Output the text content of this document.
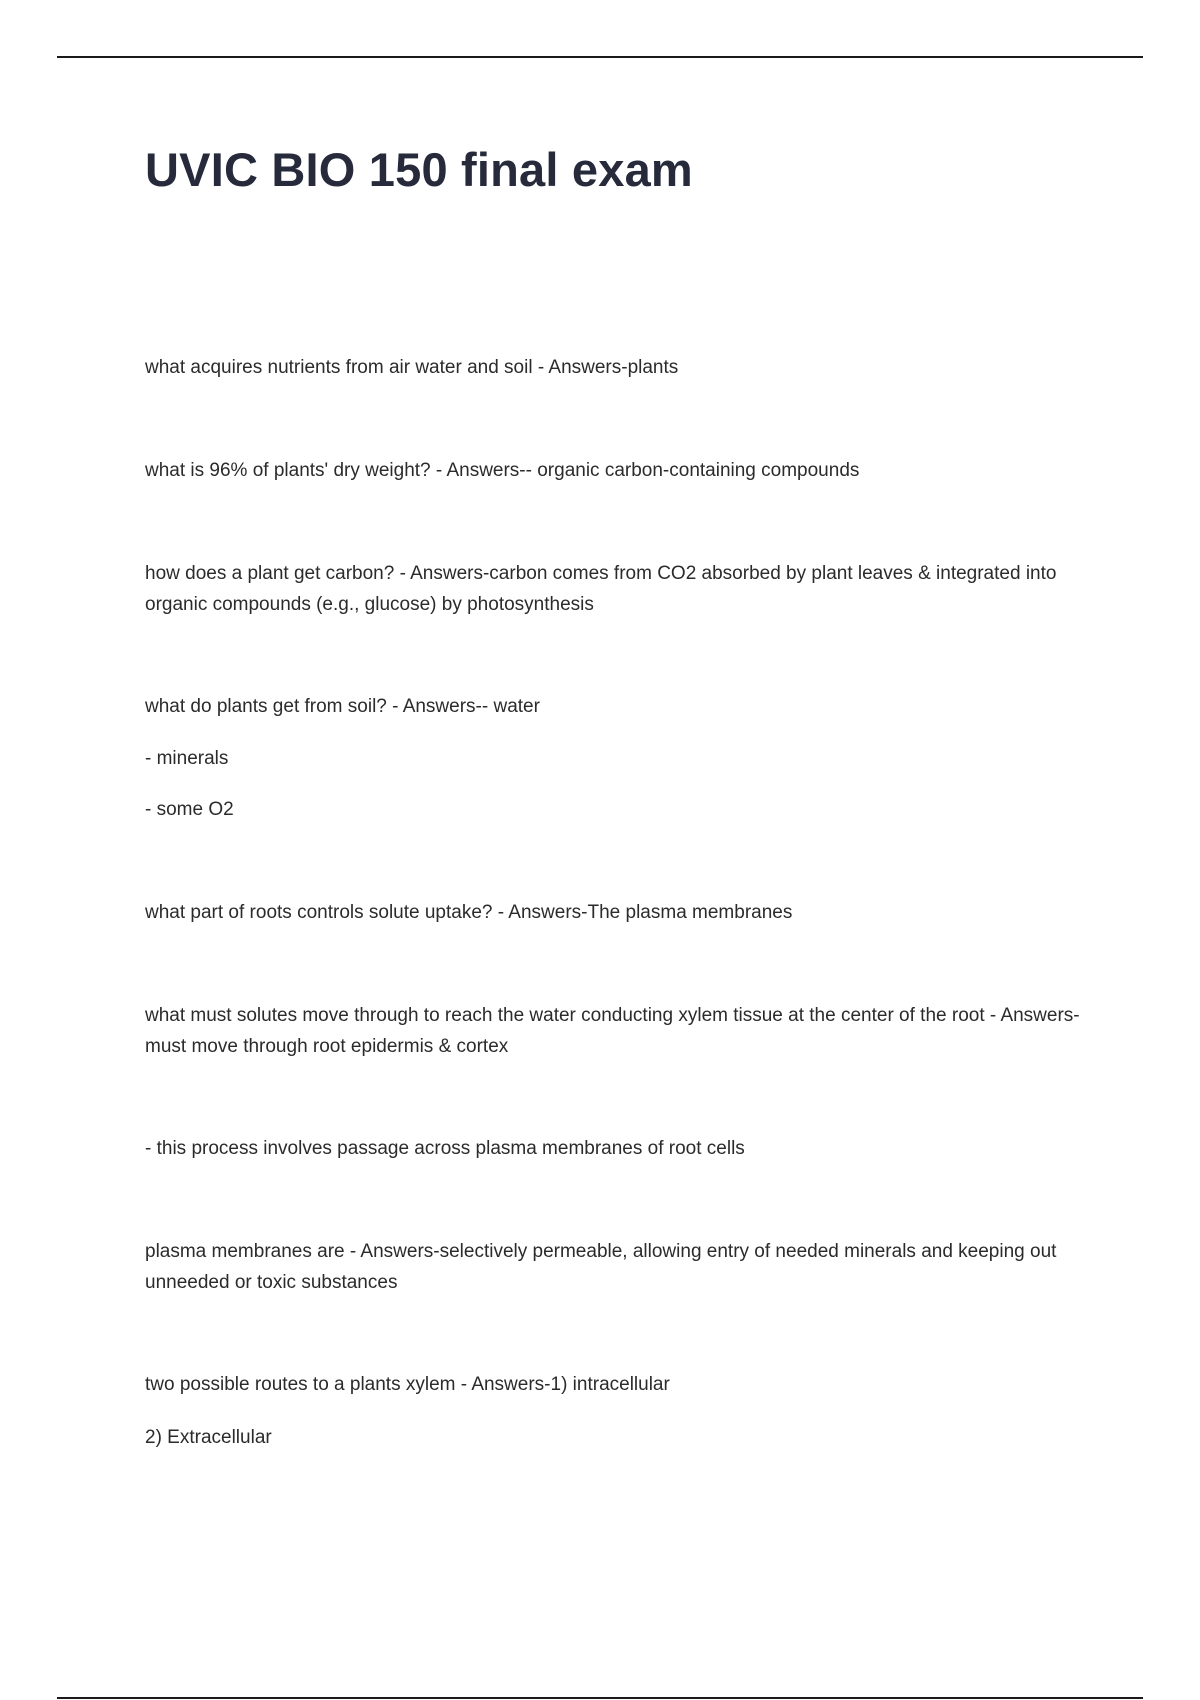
UVIC BIO 150 final exam

what acquires nutrients from air water and soil - Answers-plants

what is 96% of plants' dry weight? - Answers-- organic carbon-containing compounds

how does a plant get carbon? - Answers-carbon comes from CO2 absorbed by plant leaves & integrated into organic compounds (e.g., glucose) by photosynthesis

what do plants get from soil? - Answers-- water

- minerals

- some O2

what part of roots controls solute uptake? - Answers-The plasma membranes

what must solutes move through to reach the water conducting xylem tissue at the center of the root - Answers-must move through root epidermis & cortex

- this process involves passage across plasma membranes of root cells

plasma membranes are - Answers-selectively permeable, allowing entry of needed minerals and keeping out unneeded or toxic substances

two possible routes to a plants xylem - Answers-1) intracellular

2) Extracellular
